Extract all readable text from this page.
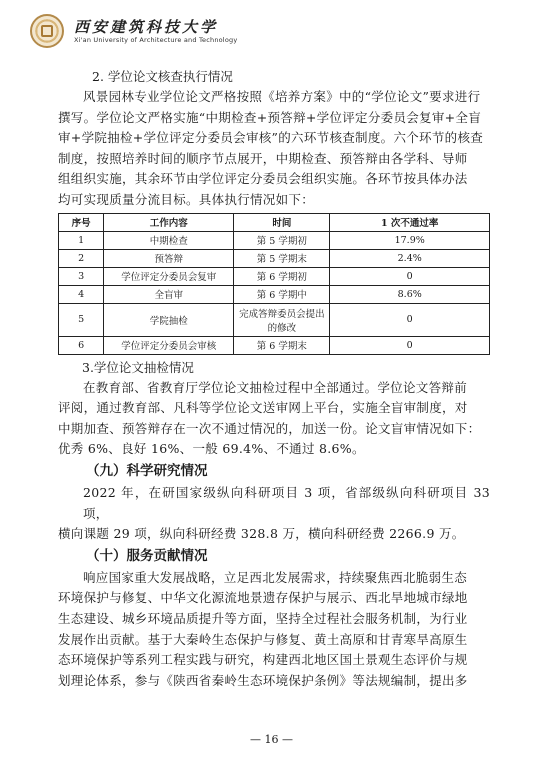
西安建筑科技大学
Xi'an University of Architecture and Technology

2. 学位论文核查执行情况

风景园林专业学位论文严格按照《培养方案》中的“学位论文”要求进行
撰写。学位论文严格实施“中期检查+预答辩+学位评定分委员会复审+全盲
审+学院抽检+学位评定分委员会审核”的六环节核查制度。六个环节的核查
制度，按照培养时间的顺序节点展开，中期检查、预答辩由各学科、导师
组组织实施，其余环节由学位评定分委员会组织实施。各环节按具体办法
均可实现质量分流目标。具体执行情况如下：

序号	工作内容	时间	1 次不通过率
1	中期检查	第 5 学期初	17.9%
2	预答辩	第 5 学期末	2.4%
3	学位评定分委员会复审	第 6 学期初	0
4	全盲审	第 6 学期中	8.6%
5	学院抽检	完成答辩委员会提出
的修改	0
6	学位评定分委员会审核	第 6 学期末	0

3.学位论文抽检情况

在教育部、省教育厅学位论文抽检过程中全部通过。学位论文答辩前
评阅，通过教育部、凡科等学位论文送审网上平台，实施全盲审制度，对
中期加查、预答辩存在一次不通过情况的，加送一份。论文盲审情况如下：
优秀 6%、良好 16%、一般 69.4%、不通过 8.6%。

（九）科学研究情况

2022 年，在研国家级纵向科研项目 3 项，省部级纵向科研项目 33 项，
横向课题 29 项，纵向科研经费 328.8 万，横向科研经费 2266.9 万。

（十）服务贡献情况

响应国家重大发展战略，立足西北发展需求，持续聚焦西北脆弱生态
环境保护与修复、中华文化源流地景遗存保护与展示、西北旱地城市绿地
生态建设、城乡环境品质提升等方面，坚持全过程社会服务机制，为行业
发展作出贡献。基于大秦岭生态保护与修复、黄土高原和甘青寒旱高原生
态环境保护等系列工程实践与研究，构建西北地区国土景观生态评价与规
划理论体系，参与《陕西省秦岭生态环境保护条例》等法规编制，提出多

— 16 —
